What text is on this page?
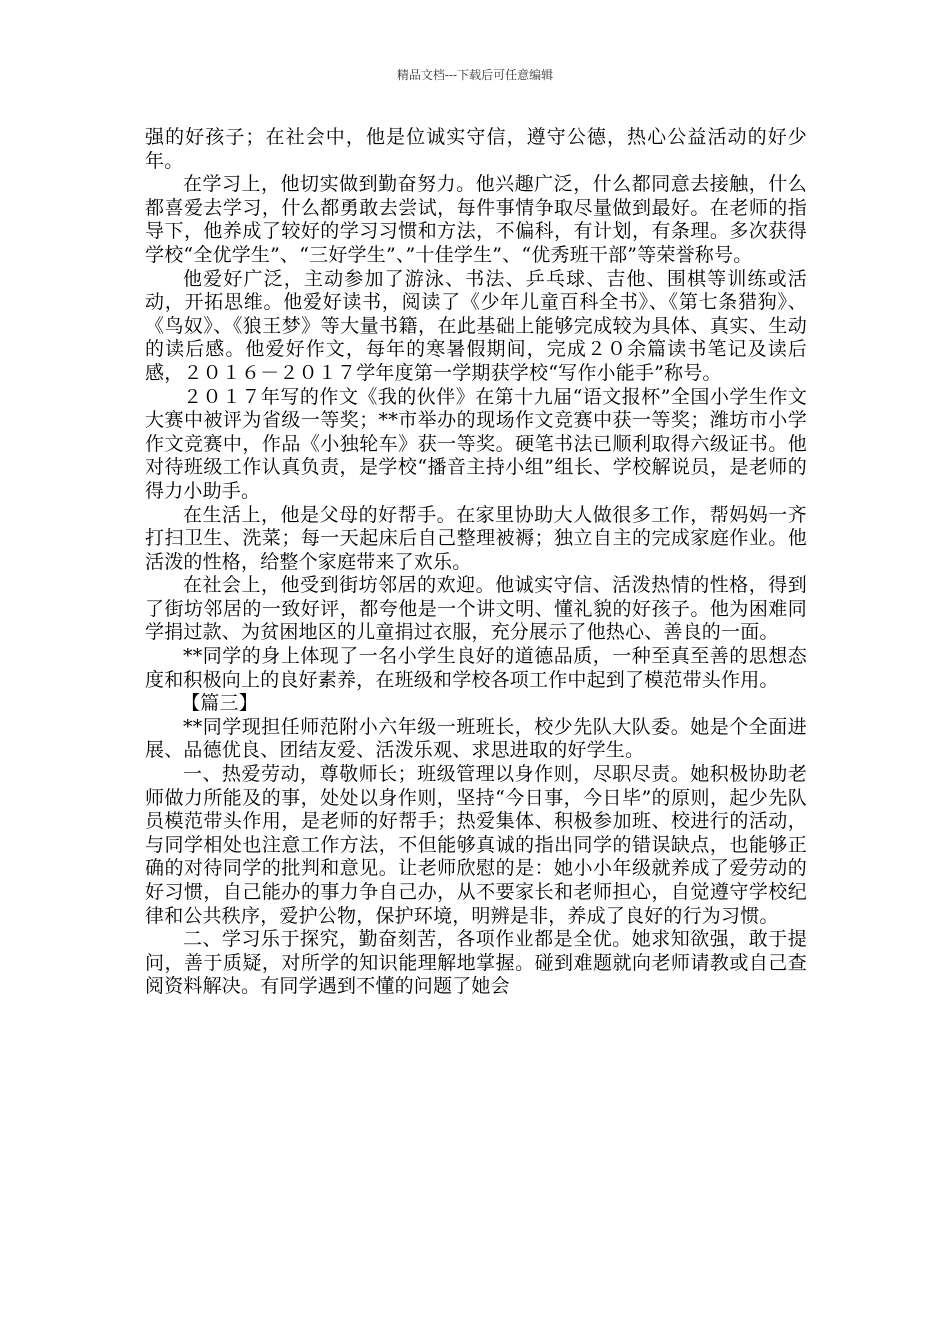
精品文档---下载后可任意编辑

强的好孩子；在社会中，他是位诚实守信，遵守公德，热心公益活动的好少年。

在学习上，他切实做到勤奋努力。他兴趣广泛，什么都同意去接触，什么都喜爱去学习，什么都勇敢去尝试，每件事情争取尽量做到最好。在老师的指导下，他养成了较好的学习习惯和方法，不偏科，有计划，有条理。多次获得学校“全优学生”、“三好学生”、”十佳学生”、“优秀班干部”等荣誉称号。

他爱好广泛，主动参加了游泳、书法、乒乓球、吉他、围棋等训练或活动，开拓思维。他爱好读书，阅读了《少年儿童百科全书》、《第七条猎狗》、《鸟奴》、《狼王梦》等大量书籍，在此基础上能够完成较为具体、真实、生动的读后感。他爱好作文，每年的寒暑假期间，完成２０余篇读书笔记及读后感，２０１６－２０１７学年度第一学期获学校“写作小能手”称号。

２０１７年写的作文《我的伙伴》在第十九届“语文报杯”全国小学生作文大赛中被评为省级一等奖；**市举办的现场作文竞赛中获一等奖；潍坊市小学作文竞赛中，作品《小独轮车》获一等奖。硬笔书法已顺利取得六级证书。他对待班级工作认真负责，是学校“播音主持小组”组长、学校解说员，是老师的得力小助手。

在生活上，他是父母的好帮手。在家里协助大人做很多工作，帮妈妈一齐打扫卫生、洗菜；每一天起床后自己整理被褥；独立自主的完成家庭作业。他活泼的性格，给整个家庭带来了欢乐。

在社会上，他受到街坊邻居的欢迎。他诚实守信、活泼热情的性格，得到了街坊邻居的一致好评，都夸他是一个讲文明、懂礼貌的好孩子。他为困难同学捐过款、为贫困地区的儿童捐过衣服，充分展示了他热心、善良的一面。

**同学的身上体现了一名小学生良好的道德品质，一种至真至善的思想态度和积极向上的良好素养，在班级和学校各项工作中起到了模范带头作用。

【篇三】

**同学现担任师范附小六年级一班班长，校少先队大队委。她是个全面进展、品德优良、团结友爱、活泼乐观、求思进取的好学生。

一、热爱劳动，尊敬师长；班级管理以身作则，尽职尽责。她积极协助老师做力所能及的事，处处以身作则，坚持“今日事，今日毕”的原则，起少先队员模范带头作用，是老师的好帮手；热爱集体、积极参加班、校进行的活动，与同学相处也注意工作方法，不但能够真诚的指出同学的错误缺点，也能够正确的对待同学的批判和意见。让老师欣慰的是：她小小年级就养成了爱劳动的好习惯，自己能办的事力争自己办，从不要家长和老师担心，自觉遵守学校纪律和公共秩序，爱护公物，保护环境，明辨是非，养成了良好的行为习惯。

二、学习乐于探究，勤奋刻苦，各项作业都是全优。她求知欲强，敢于提问，善于质疑，对所学的知识能理解地掌握。碰到难题就向老师请教或自己查阅资料解决。有同学遇到不懂的问题了她会
